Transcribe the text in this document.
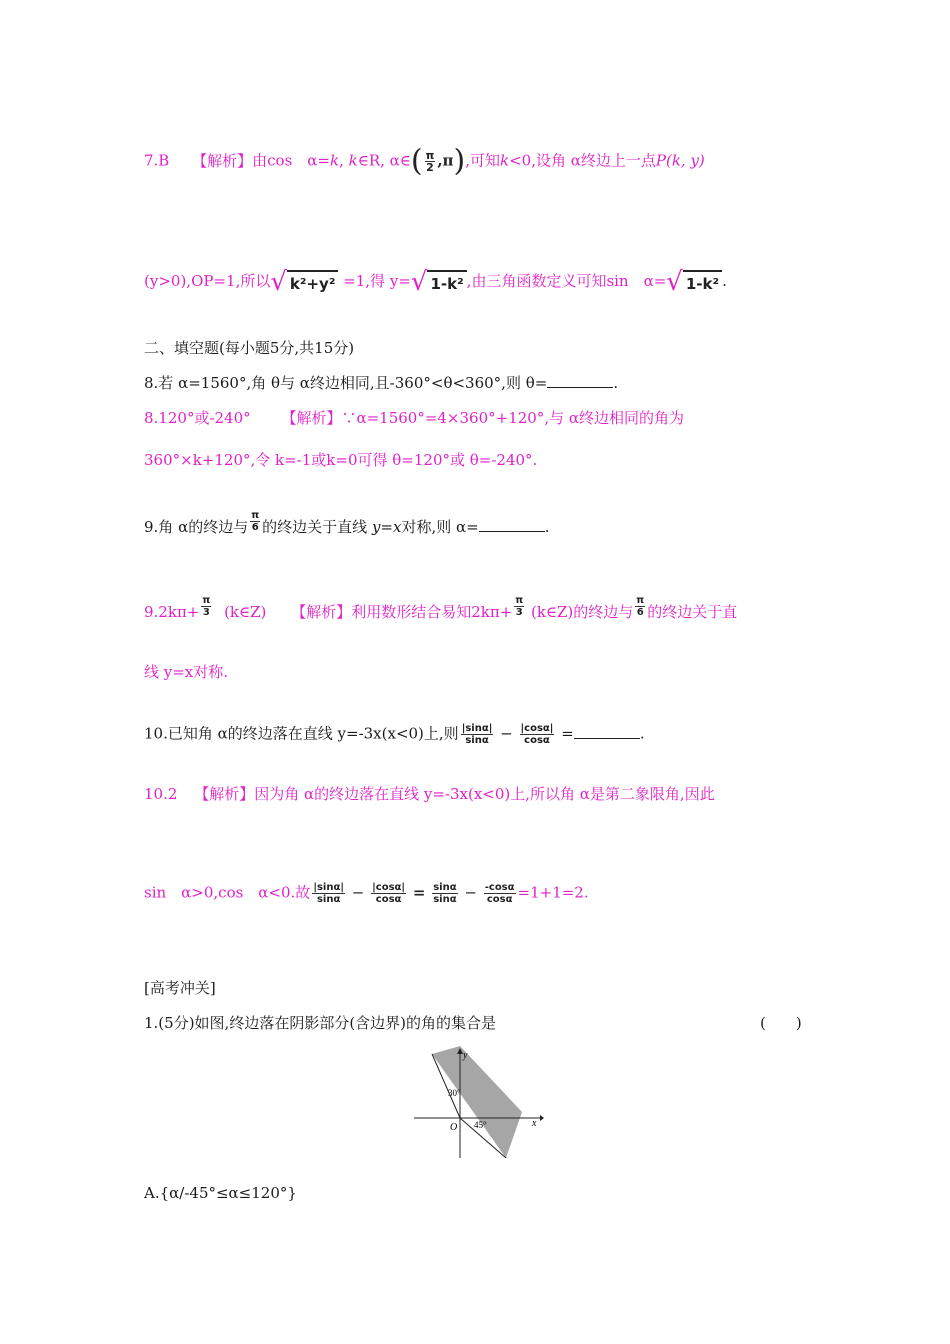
7.B 【解析】由cos　α=k, k∈R, α∈( $\frac{\pi}{2} ,\pi$),可知k<0,设角 α终边上一点P(k, y)
(y>0),OP=1,所以√ k²+y² =1,得 y=√ 1-k² ,由三角函数定义可知sin　α=√ 1-k² .
二、填空题(每小题5分,共15分)
8.若 α=1560°,角 θ与 α终边相同,且-360°<θ<360°,则 θ=	.
8.120°或-240° 【解析】∵α=1560°=4×360°+120°,与 α终边相同的角为
360°×k+120°,令 k=-1或k=0可得 θ=120°或 θ=-240°.
9.角 α的终边与 $\frac{\pi}{6}$ 的终边关于直线 y=x对称,则 α=	.
$9.2k\pi+ \frac{\pi}{3}$ (k∈Z) 【解析】利用数形结合易知$2k\pi+ \frac{\pi}{3}$ (k∈Z)的终边与 $\frac{\pi}{6}$ 的终边关于直
线 y=x对称.
10.已知角 α的终边落在直线 y=-3x(x<0)上,则 $\frac{|\sin\alpha|}{\sin\alpha} - \frac{|\cos\alpha|}{\cos\alpha}$ =	.
10.2 【解析】因为角 α的终边落在直线 y=-3x(x<0)上,所以角 α是第二象限角,因此
sin　α>0,cos　α<0.故 $\frac{|\sin\alpha|}{\sin\alpha} - \frac{|\cos\alpha|}{\cos\alpha} = \frac{\sin\alpha}{\sin\alpha} - \frac{-\cos\alpha}{\cos\alpha} =1+1=2$.
[高考冲关]
1.(5分)如图,终边落在阴影部分(含边界)的角的集合是	(　　)
y
x
O
30°
45°
A.{α/-45°≤α≤120°}
